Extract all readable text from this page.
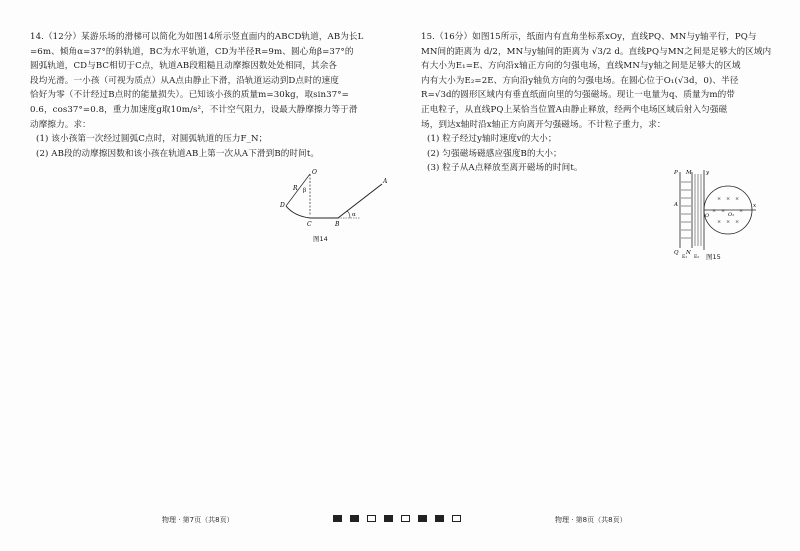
14.（12分）某游乐场的滑梯可以简化为如图14所示竖直面内的ABCD轨道，AB为长L
=6m、倾角α=37°的斜轨道，BC为水平轨道，CD为半径R=9m、圆心角β=37°的
圆弧轨道，CD与BC相切于C点，轨道AB段粗糙且动摩擦因数处处相同，其余各
段均光滑。一小孩（可视为质点）从A点由静止下滑，沿轨道运动到D点时的速度
恰好为零（不计经过B点时的能量损失）。已知该小孩的质量m=30kg，取sin37°=
0.6，cos37°=0.8，重力加速度g取10m/s²，不计空气阻力，设最大静摩擦力等于滑
动摩擦力。求：
(1) 该小孩第一次经过圆弧C点时，对圆弧轨道的压力F_N；
(2) AB段的动摩擦因数和该小孩在轨道AB上第一次从A下滑到B的时间t。
O
R β
D
C	B
α
A
图14
15.（16分）如图15所示，纸面内有直角坐标系xOy，直线PQ、MN与y轴平行，PQ与
MN间的距离为 d/2，MN与y轴间的距离为 √3/2 d。直线PQ与MN之间是足够大的区域内
有大小为E₁=E、方向沿x轴正方向的匀强电场，直线MN与y轴之间是足够大的区域
内有大小为E₂=2E、方向沿y轴负方向的匀强电场。在圆心位于O₁(√3d，0)、半径
R=√3d的圆形区域内有垂直纸面向里的匀强磁场。现让一电量为q、质量为m的带
正电粒子，从直线PQ上某恰当位置A由静止释放，经两个电场区域后射入匀强磁
场，到达x轴时沿x轴正方向离开匀强磁场。不计粒子重力，求：
(1) 粒子经过y轴时速度v的大小；
(2) 匀强磁场磁感应强度B的大小；
(3) 粒子从A点释放至离开磁场的时间t。
× × ×
× ×	×
× × ×
P M	y
x
O	O₁
A
Q N
E₁ E₂ 图15
物理 · 第7页（共8页）	物理 · 第8页（共8页）
